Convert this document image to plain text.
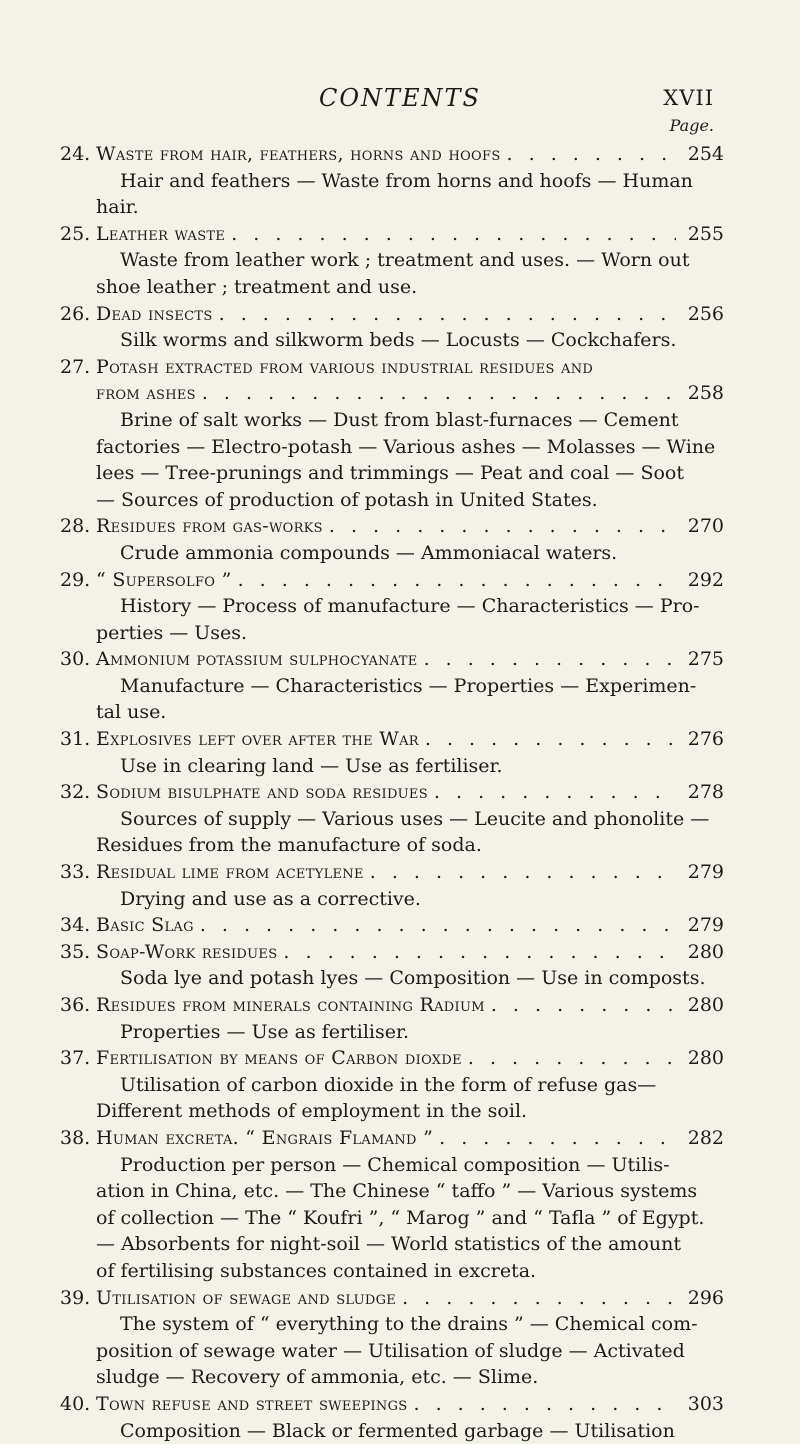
CONTENTS	XVII
Page.
24. Waste from hair, feathers, horns and hoofs . . .	254
Hair and feathers — Waste from horns and hoofs — Human
hair.
25. Leather waste . . .	255
Waste from leather work ; treatment and uses. — Worn out
shoe leather ; treatment and use.
26. Dead insects . . .	256
Silk worms and silkworm beds — Locusts — Cockchafers.
27. Potash extracted from various industrial residues and
from ashes . . .	258
Brine of salt works — Dust from blast-furnaces — Cement
factories — Electro-potash — Various ashes — Molasses — Wine
lees — Tree-prunings and trimmings — Peat and coal — Soot
— Sources of production of potash in United States.
28. Residues from gas-works . . .	270
Crude ammonia compounds — Ammoniacal waters.
29. “ Supersolfo ” . . .	292
History — Process of manufacture — Characteristics — Pro-
perties — Uses.
30. Ammonium potassium sulphocyanate . . .	275
Manufacture — Characteristics — Properties — Experimen-
tal use.
31. Explosives left over after the War . . .	276
Use in clearing land — Use as fertiliser.
32. Sodium bisulphate and soda residues . . .	278
Sources of supply — Various uses — Leucite and phonolite —
Residues from the manufacture of soda.
33. Residual lime from acetylene . . .	279
Drying and use as a corrective.
34. Basic Slag . . .	279
35. Soap-Work residues . . .	280
Soda lye and potash lyes — Composition — Use in composts.
36. Residues from minerals containing Radium . . .	280
Properties — Use as fertiliser.
37. Fertilisation by means of Carbon dioxde . . .	280
Utilisation of carbon dioxide in the form of refuse gas—
Different methods of employment in the soil.
38. Human excreta. “ Engrais Flamand ” . . .	282
Production per person — Chemical composition — Utilis-
ation in China, etc. — The Chinese “ taffo ” — Various systems
of collection — The “ Koufri ”, “ Marog ” and “ Tafla ” of Egypt.
— Absorbents for night-soil — World statistics of the amount
of fertilising substances contained in excreta.
39. Utilisation of sewage and sludge . . .	296
The system of “ everything to the drains ” — Chemical com-
position of sewage water — Utilisation of sludge — Activated
sludge — Recovery of ammonia, etc. — Slime.
40. Town refuse and street sweepings . . .	303
Composition — Black or fermented garbage — Utilisation
